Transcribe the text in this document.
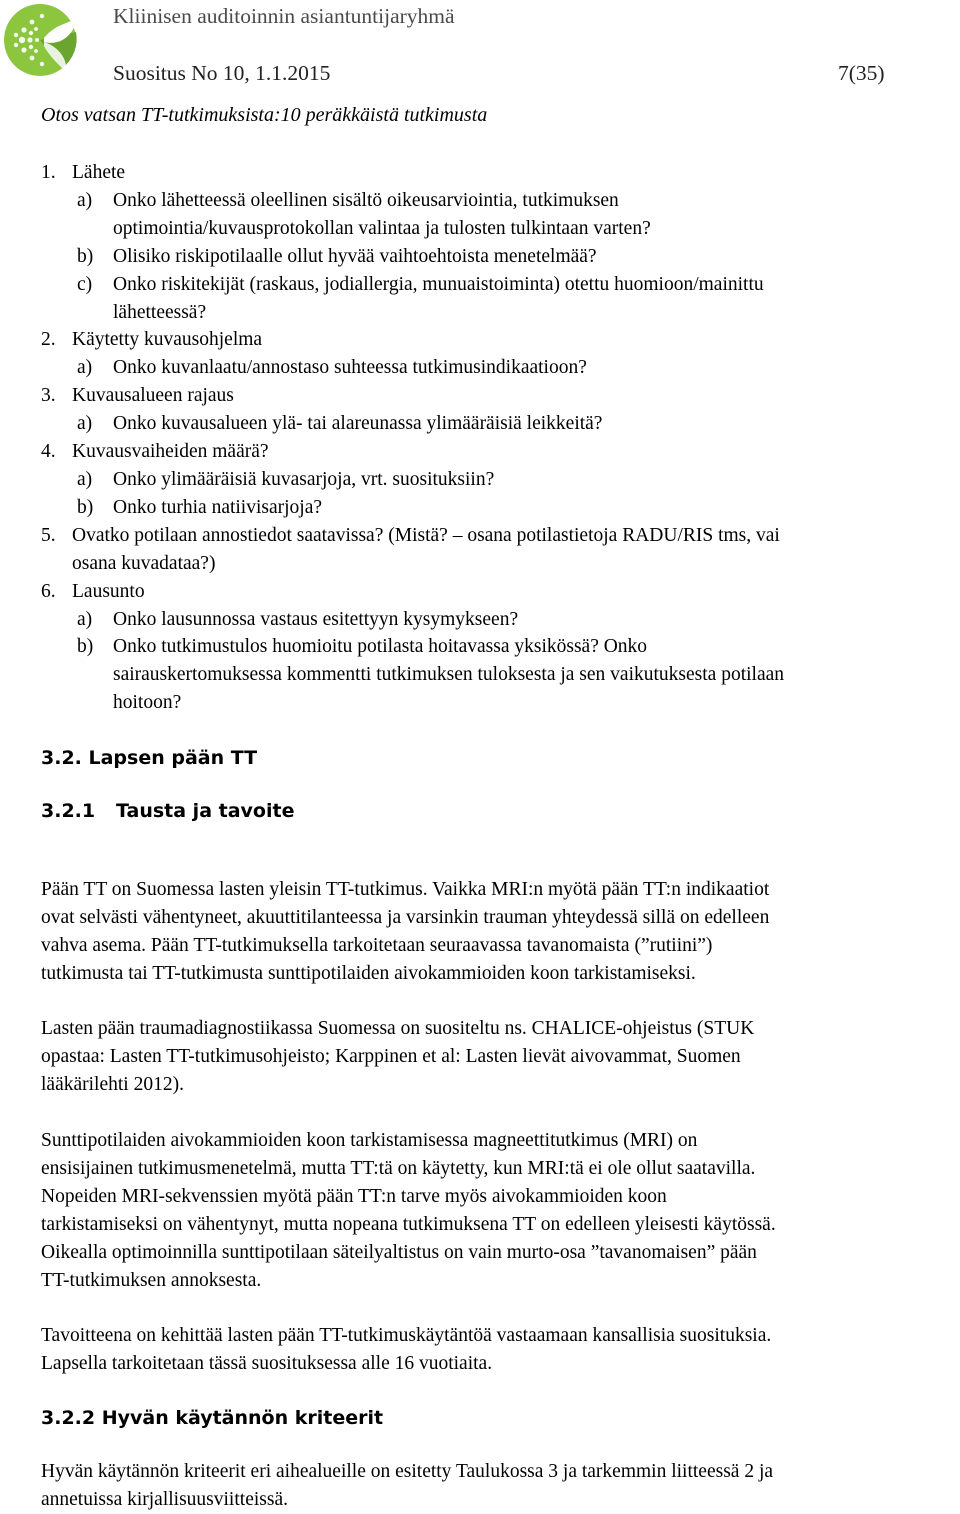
Kliinisen auditoinnin asiantuntijaryhmä
Suositus No 10, 1.1.2015	7(35)
Otos vatsan TT-tutkimuksista:10 peräkkäistä tutkimusta
1. Lähete
a) Onko lähetteessä oleellinen sisältö oikeusarviointia, tutkimuksen
optimointia/kuvausprotokollan valintaa ja tulosten tulkintaan varten?
b) Olisiko riskipotilaalle ollut hyvää vaihtoehtoista menetelmää?
c) Onko riskitekijät (raskaus, jodiallergia, munuaistoiminta) otettu huomioon/mainittu
lähetteessä?
2. Käytetty kuvausohjelma
a) Onko kuvanlaatu/annostaso suhteessa tutkimusindikaatioon?
3. Kuvausalueen rajaus
a) Onko kuvausalueen ylä- tai alareunassa ylimääräisiä leikkeitä?
4. Kuvausvaiheiden määrä?
a) Onko ylimääräisiä kuvasarjoja, vrt. suosituksiin?
b) Onko turhia natiivisarjoja?
5. Ovatko potilaan annostiedot saatavissa? (Mistä? – osana potilastietoja RADU/RIS tms, vai
osana kuvadataa?)
6. Lausunto
a) Onko lausunnossa vastaus esitettyyn kysymykseen?
b) Onko tutkimustulos huomioitu potilasta hoitavassa yksikössä? Onko
sairauskertomuksessa kommentti tutkimuksen tuloksesta ja sen vaikutuksesta potilaan
hoitoon?
3.2. Lapsen pään TT
3.2.1 Tausta ja tavoite
Pään TT on Suomessa lasten yleisin TT-tutkimus. Vaikka MRI:n myötä pään TT:n indikaatiot
ovat selvästi vähentyneet, akuuttitilanteessa ja varsinkin trauman yhteydessä sillä on edelleen
vahva asema. Pään TT-tutkimuksella tarkoitetaan seuraavassa tavanomaista (”rutiini”)
tutkimusta tai TT-tutkimusta sunttipotilaiden aivokammioiden koon tarkistamiseksi.
Lasten pään traumadiagnostiikassa Suomessa on suositeltu ns. CHALICE-ohjeistus (STUK
opastaa: Lasten TT-tutkimusohjeisto; Karppinen et al: Lasten lievät aivovammat, Suomen
lääkärilehti 2012).
Sunttipotilaiden aivokammioiden koon tarkistamisessa magneettitutkimus (MRI) on
ensisijainen tutkimusmenetelmä, mutta TT:tä on käytetty, kun MRI:tä ei ole ollut saatavilla.
Nopeiden MRI-sekvenssien myötä pään TT:n tarve myös aivokammioiden koon
tarkistamiseksi on vähentynyt, mutta nopeana tutkimuksena TT on edelleen yleisesti käytössä.
Oikealla optimoinnilla sunttipotilaan säteilyaltistus on vain murto-osa ”tavanomaisen” pään
TT-tutkimuksen annoksesta.
Tavoitteena on kehittää lasten pään TT-tutkimuskäytäntöä vastaamaan kansallisia suosituksia.
Lapsella tarkoitetaan tässä suosituksessa alle 16 vuotiaita.
3.2.2 Hyvän käytännön kriteerit
Hyvän käytännön kriteerit eri aihealueille on esitetty Taulukossa 3 ja tarkemmin liitteessä 2 ja
annetuissa kirjallisuusviitteissä.
